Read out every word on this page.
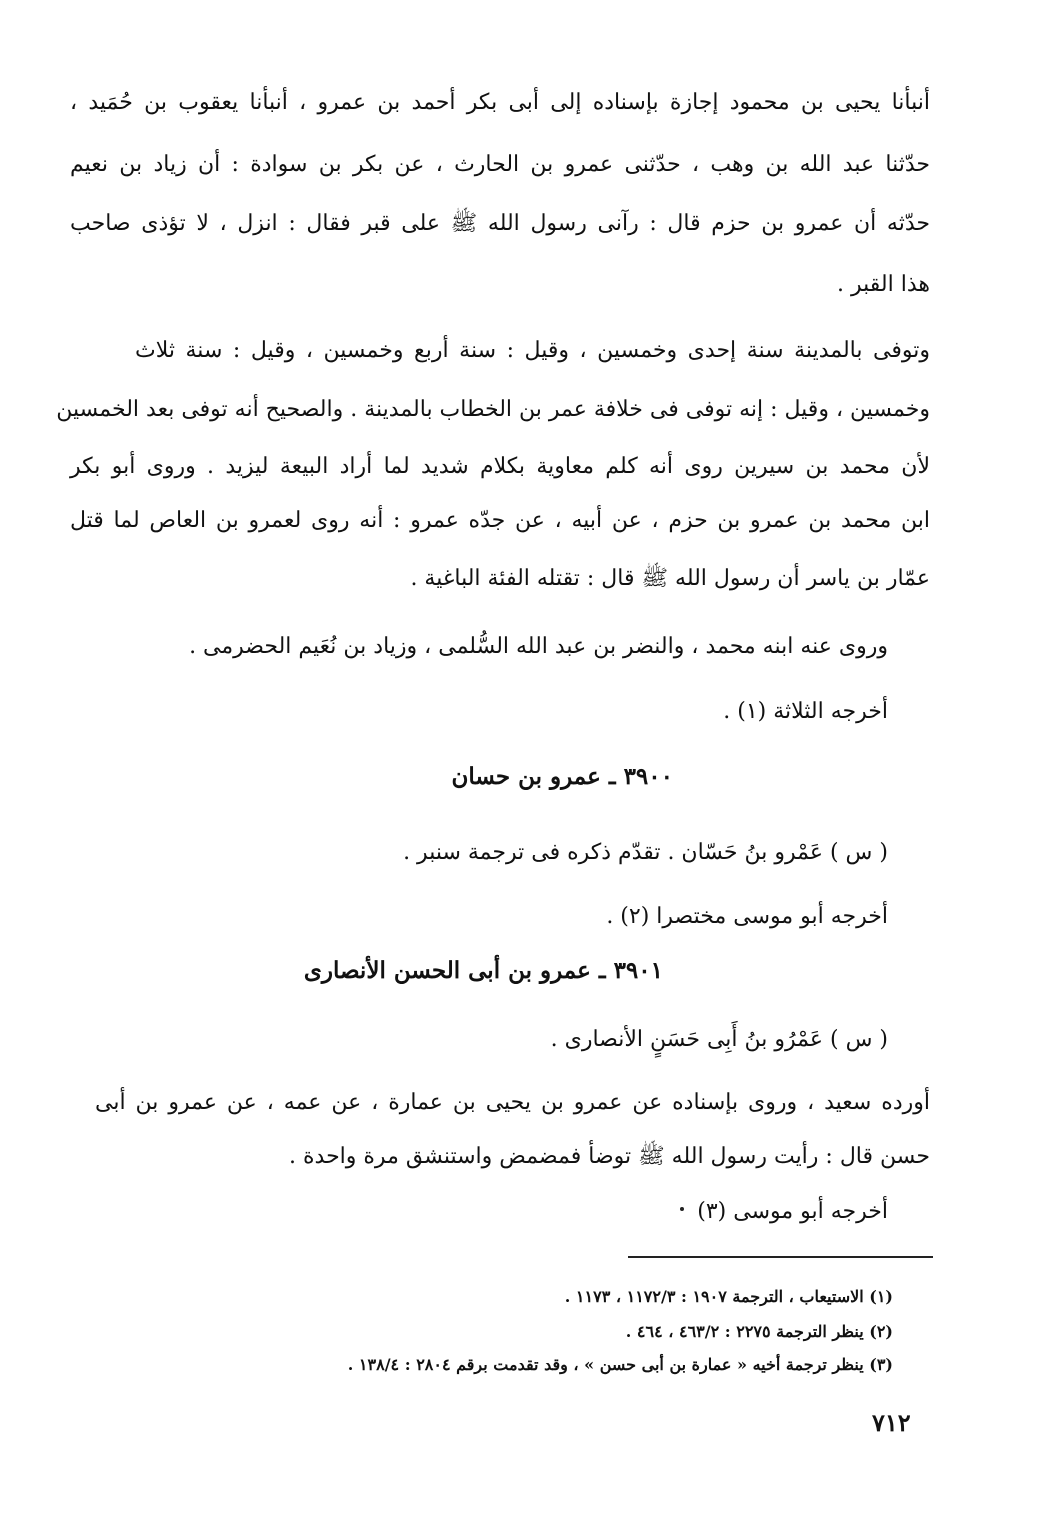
أنبأنا يحيى بن محمود إجازة بإسناده إلى أبى بكر أحمد بن عمرو ، أنبأنا يعقوب بن حُمَيد ،
حدّثنا عبد الله بن وهب ، حدّثنى عمرو بن الحارث ، عن بكر بن سوادة : أن زياد بن نعيم
حدّثه أن عمرو بن حزم قال : رآنى رسول الله ﷺ على قبر فقال : انزل ، لا تؤذى صاحب
هذا القبر .
وتوفى بالمدينة سنة إحدى وخمسين ، وقيل : سنة أربع وخمسين ، وقيل : سنة ثلاث
وخمسين ، وقيل : إنه توفى فى خلافة عمر بن الخطاب بالمدينة . والصحيح أنه توفى بعد الخمسين
لأن محمد بن سيرين روى أنه كلم معاوية بكلام شديد لما أراد البيعة ليزيد . وروى أبو بكر
ابن محمد بن عمرو بن حزم ، عن أبيه ، عن جدّه عمرو : أنه روى لعمرو بن العاص لما قتل
عمّار بن ياسر أن رسول الله ﷺ قال : تقتله الفئة الباغية .
وروى عنه ابنه محمد ، والنضر بن عبد الله السُّلمى ، وزياد بن نُعَيم الحضرمى .
أخرجه الثلاثة (١) .
٣٩٠٠ ـ عمرو بن حسان
( س ) عَمْرو بنُ حَسّان . تقدّم ذكره فى ترجمة سنبر .
أخرجه أبو موسى مختصرا (٢) .
٣٩٠١ ـ عمرو بن أبى الحسن الأنصارى
( س ) عَمْرُو بنُ أَبِى حَسَنٍ الأنصارى .
أورده سعيد ، وروى بإسناده عن عمرو بن يحيى بن عمارة ، عن عمه ، عن عمرو بن أبى
حسن قال : رأيت رسول الله ﷺ توضأ فمضمض واستنشق مرة واحدة .
أخرجه أبو موسى (٣)
(١) الاستيعاب ، الترجمة ١٩٠٧ : ١١٧٢/٣ ، ١١٧٣ .
(٢) ينظر الترجمة ٢٢٧٥ : ٤٦٣/٢ ، ٤٦٤ .
(٣) ينظر ترجمة أخيه « عمارة بن أبى حسن » ، وقد تقدمت برقم ٢٨٠٤ : ١٣٨/٤ .
٧١٢
